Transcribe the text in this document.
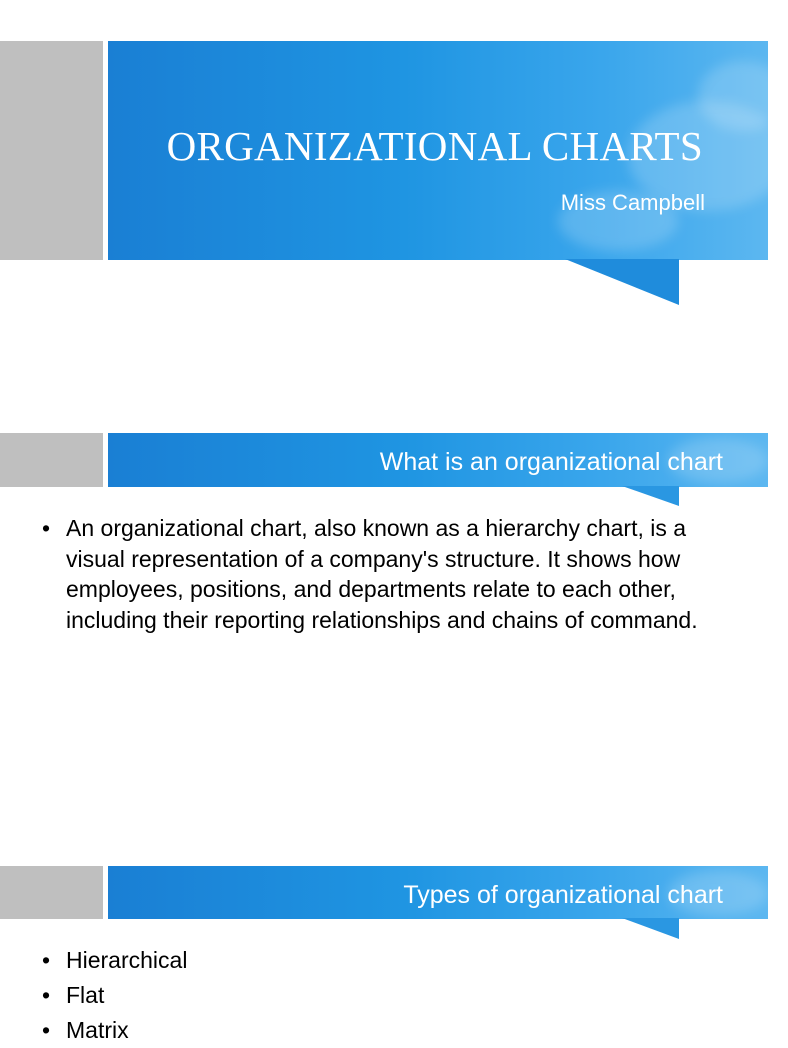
ORGANIZATIONAL CHARTS
Miss Campbell
What is an organizational chart
• An organizational chart, also known as a hierarchy chart, is a visual representation of a company's structure. It shows how employees, positions, and departments relate to each other, including their reporting relationships and chains of command.
Types of organizational chart
• Hierarchical
• Flat
• Matrix
